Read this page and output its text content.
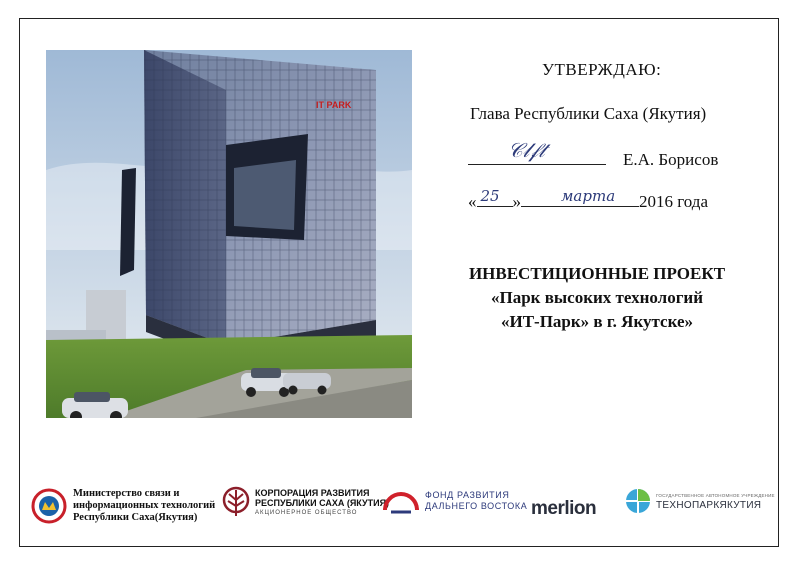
IT PARK
УТВЕРЖДАЮ:
Глава Республики Саха (Якутия)
𝒞𝓁𝒻𝓉	Е.А. Борисов
« 25 »	марта 2016 года
ИНВЕСТИЦИОННЫЕ ПРОЕКТ
«Парк высоких технологий
«ИТ-Парк» в г. Якутске»
Министерство связи и
информационных технологий
Республики Саха(Якутия)
КОРПОРАЦИЯ РАЗВИТИЯ
РЕСПУБЛИКИ САХА (ЯКУТИЯ)
АКЦИОНЕРНОЕ ОБЩЕСТВО
ФОНД РАЗВИТИЯ
ДАЛЬНЕГО ВОСТОКА merlion
ГОСУДАРСТВЕННОЕ АВТОНОМНОЕ УЧРЕЖДЕНИЕ
ТЕХНОПАРКЯКУТИЯ
